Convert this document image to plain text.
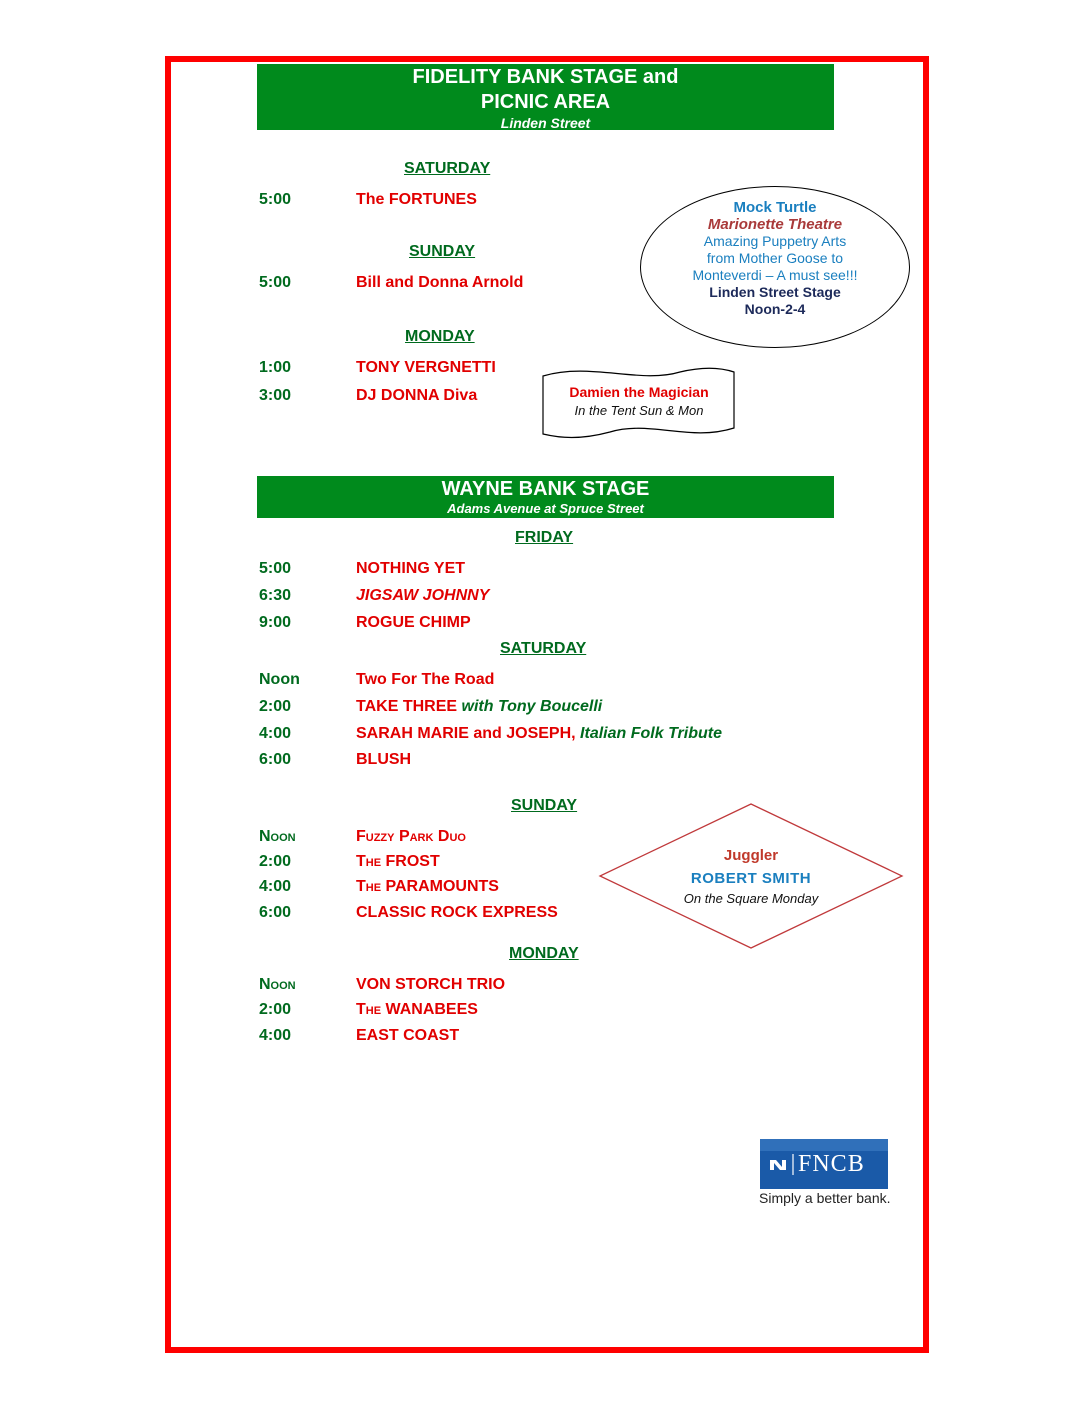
FIDELITY BANK STAGE and
PICNIC AREA
Linden Street
SATURDAY
5:00	The FORTUNES
SUNDAY
5:00	Bill and Donna Arnold
MONDAY
1:00	TONY VERGNETTI
3:00	DJ DONNA Diva
Mock Turtle
Marionette Theatre
Amazing Puppetry Arts
from Mother Goose to
Monteverdi – A must see!!!
Linden Street Stage
Noon-2-4
Damien the Magician
In the Tent Sun & Mon
WAYNE BANK STAGE
Adams Avenue at Spruce Street
FRIDAY
5:00	NOTHING YET
6:30	JIGSAW JOHNNY
9:00	ROGUE CHIMP
SATURDAY
Noon	Two For The Road
2:00	TAKE THREE with Tony Boucelli
4:00	SARAH MARIE and JOSEPH, Italian Folk Tribute
6:00	BLUSH
SUNDAY
Noon	Fuzzy Park Duo
2:00	The FROST
4:00	The PARAMOUNTS
6:00	CLASSIC ROCK EXPRESS
Juggler
ROBERT SMITH
On the Square Monday
MONDAY
Noon	VON STORCH TRIO
2:00	The WANABEES
4:00	EAST COAST
FNCB
Simply a better bank.
